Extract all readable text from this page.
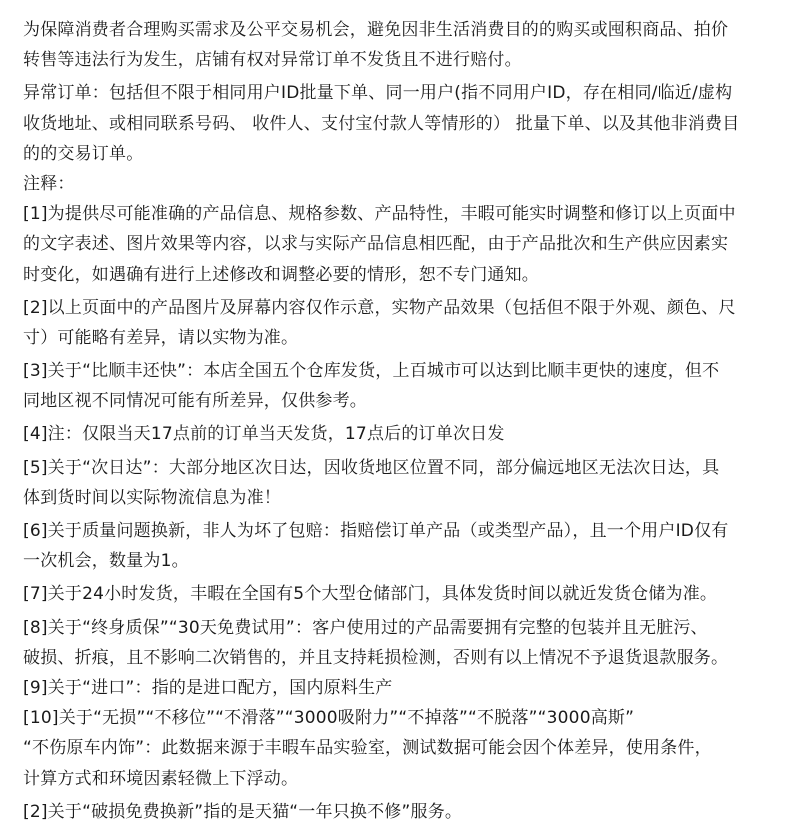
为保障消费者合理购买需求及公平交易机会，避免因非生活消费目的的购买或囤积商品、拍价
转售等违法行为发生，店铺有权对异常订单不发货且不进行赔付。
异常订单：包括但不限于相同用户ID批量下单、同一用户(指不同用户ID，存在相同/临近/虚构
收货地址、或相同联系号码、 收件人、支付宝付款人等情形的） 批量下单、以及其他非消费目
的的交易订单。
注释：
[1]为提供尽可能准确的产品信息、规格参数、产品特性，丰暇可能实时调整和修订以上页面中
的文字表述、图片效果等内容，以求与实际产品信息相匹配，由于产品批次和生产供应因素实
时变化，如遇确有进行上述修改和调整必要的情形，恕不专门通知。
[2]以上页面中的产品图片及屏幕内容仅作示意，实物产品效果（包括但不限于外观、颜色、尺
寸）可能略有差异，请以实物为准。
[3]关于“比顺丰还快”：本店全国五个仓库发货，上百城市可以达到比顺丰更快的速度，但不
同地区视不同情况可能有所差异，仅供参考。
[4]注：仅限当天17点前的订单当天发货，17点后的订单次日发
[5]关于“次日达”：大部分地区次日达，因收货地区位置不同，部分偏远地区无法次日达，具
体到货时间以实际物流信息为准！
[6]关于质量问题换新，非人为坏了包赔：指赔偿订单产品（或类型产品），且一个用户ID仅有
一次机会，数量为1。
[7]关于24小时发货，丰暇在全国有5个大型仓储部门，具体发货时间以就近发货仓储为准。
[8]关于“终身质保”“30天免费试用”：客户使用过的产品需要拥有完整的包装并且无脏污、
破损、折痕，且不影响二次销售的，并且支持耗损检测，否则有以上情况不予退货退款服务。
[9]关于“进口”：指的是进口配方，国内原料生产
[10]关于“无损”“不移位”“不滑落”“3000吸附力”“不掉落”“不脱落”“3000高斯”
“不伤原车内饰”：此数据来源于丰暇车品实验室，测试数据可能会因个体差异，使用条件，
计算方式和环境因素轻微上下浮动。
[2]关于“破损免费换新”指的是天猫“一年只换不修”服务。
